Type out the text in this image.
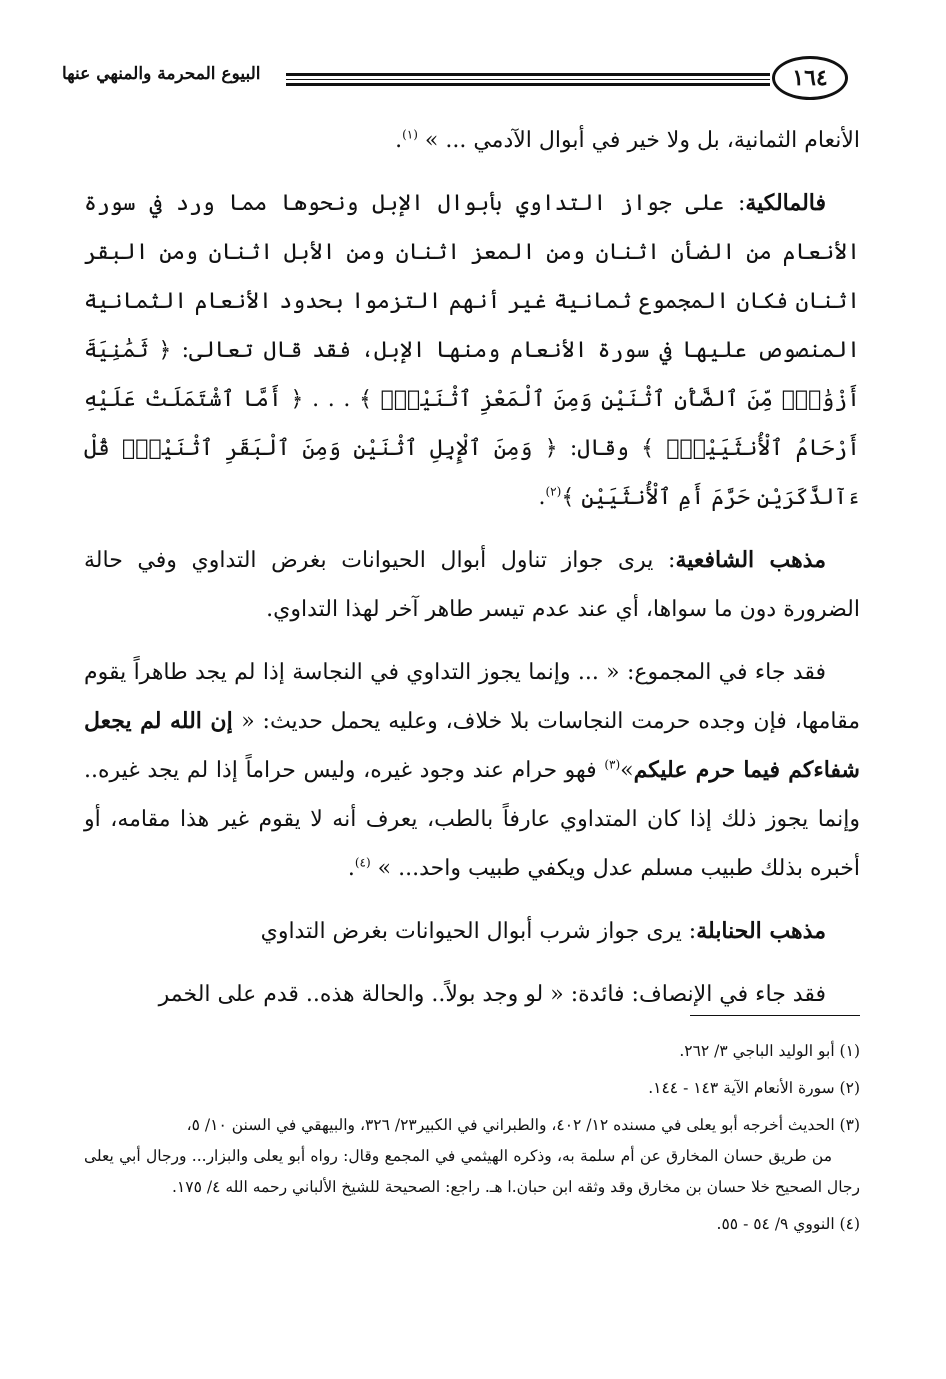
١٦٤
البيوع المحرمة والمنهي عنها

الأنعام الثمانية، بل ولا خير في أبوال الآدمي ... » $^{(١)}$.

فالمالكية: على جواز التداوي بأبوال الإبل ونحوها مما ورد في سورة الأنعام من الضأن اثنان ومن المعز اثنان ومن الأبل اثنان ومن البقر اثنان فكان المجموع ثمانية غير أنهم التزموا بحدود الأنعام الثمانية المنصوص عليها في سورة الأنعام ومنها الإبل، فقد قال تعالى: ﴿ ثَمَٰنِيَةَ أَزْوَٰجٍۖ مِّنَ ٱلضَّأْنِ ٱثْنَيْنِ وَمِنَ ٱلْمَعْزِ ٱثْنَيْنِۗ ﴾ . . . ﴿ أَمَّا ٱشْتَمَلَتْ عَلَيْهِ أَرْحَامُ ٱلْأُنثَيَيْنِۖ ﴾ وقال: ﴿ وَمِنَ ٱلْإِبِلِ ٱثْنَيْنِ وَمِنَ ٱلْبَقَرِ ٱثْنَيْنِۗ قُلْ ءَآلذَّكَرَيْنِ حَرَّمَ أَمِ ٱلْأُنثَيَيْنِ ﴾$^{(٢)}$.

مذهب الشافعية: يرى جواز تناول أبوال الحيوانات بغرض التداوي وفي حالة الضرورة دون ما سواها، أي عند عدم تيسر طاهر آخر لهذا التداوي.

فقد جاء في المجموع: « ... وإنما يجوز التداوي في النجاسة إذا لم يجد طاهراً يقوم مقامها، فإن وجده حرمت النجاسات بلا خلاف، وعليه يحمل حديث: « إن الله لم يجعل شفاءكم فيما حرم عليكم»$^{(٣)}$ فهو حرام عند وجود غيره، وليس حراماً إذا لم يجد غيره.. وإنما يجوز ذلك إذا كان المتداوي عارفاً بالطب، يعرف أنه لا يقوم غير هذا مقامه، أو أخبره بذلك طبيب مسلم عدل ويكفي طبيب واحد... » $^{(٤)}$.

مذهب الحنابلة: يرى جواز شرب أبوال الحيوانات بغرض التداوي

فقد جاء في الإنصاف: فائدة: « لو وجد بولاً.. والحالة هذه.. قدم على الخمر

(١) أبو الوليد الباجي ٣/ ٢٦٢.

(٢) سورة الأنعام الآية ١٤٣ - ١٤٤.

(٣) الحديث أخرجه أبو يعلى في مسنده ١٢/ ٤٠٢، والطبراني في الكبير٢٣/ ٣٢٦، والبيهقي في السنن ١٠/ ٥،
من طريق حسان المخارق عن أم سلمة به، وذكره الهيثمي في المجمع وقال: رواه أبو يعلى والبزار... ورجال أبي يعلى رجال الصحيح خلا حسان بن مخارق وقد وثقه ابن حبان.ا هـ. راجع: الصحيحة للشيخ الألباني رحمه الله ٤/ ١٧٥.

(٤) النووي ٩/ ٥٤ - ٥٥.
